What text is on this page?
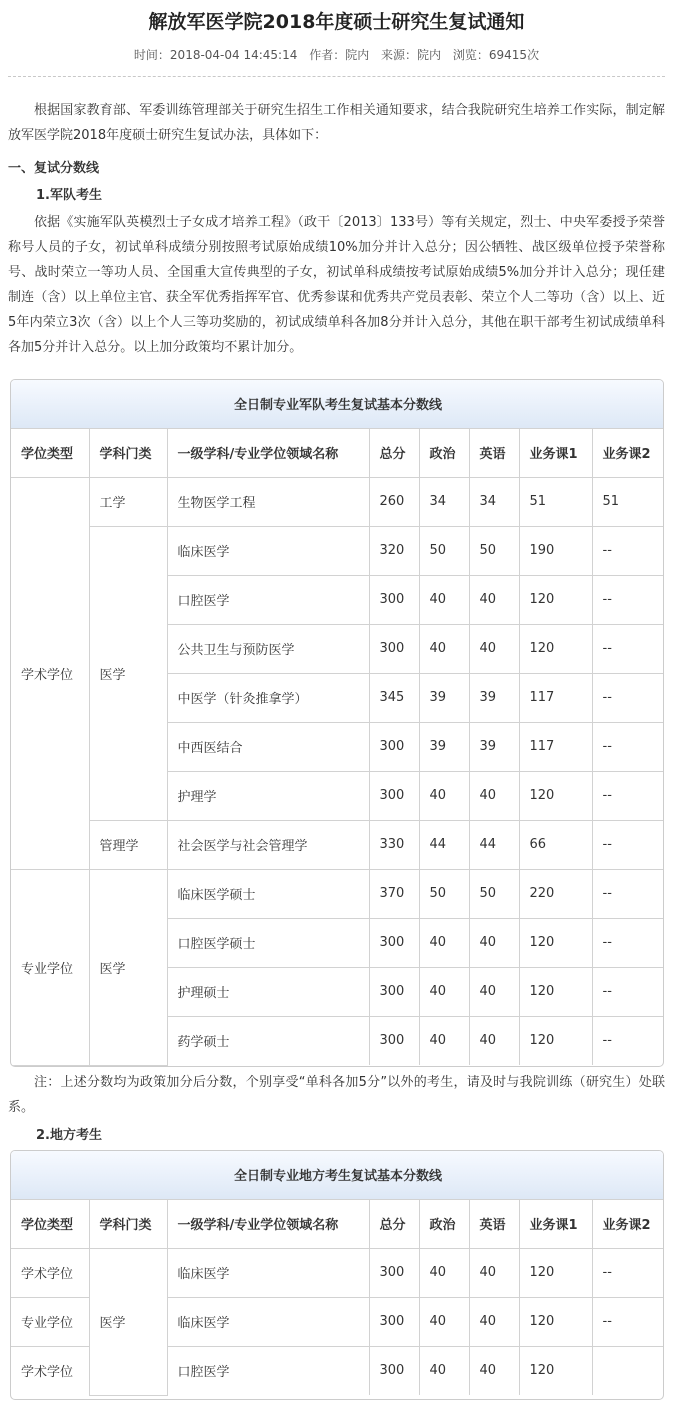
解放军医学院2018年度硕士研究生复试通知
时间：2018-04-04 14:45:14 作者：院内 来源：院内 浏览：69415次
根据国家教育部、军委训练管理部关于研究生招生工作相关通知要求，结合我院研究生培养工作实际，制定解放军医学院2018年度硕士研究生复试办法，具体如下：
一、复试分数线
1.军队考生
依据《实施军队英模烈士子女成才培养工程》（政干〔2013〕133号）等有关规定，烈士、中央军委授予荣誉称号人员的子女，初试单科成绩分别按照考试原始成绩10%加分并计入总分；因公牺牲、战区级单位授予荣誉称号、战时荣立一等功人员、全国重大宣传典型的子女，初试单科成绩按考试原始成绩5%加分并计入总分；现任建制连（含）以上单位主官、获全军优秀指挥军官、优秀参谋和优秀共产党员表彰、荣立个人二等功（含）以上、近5年内荣立3次（含）以上个人三等功奖励的，初试成绩单科各加8分并计入总分，其他在职干部考生初试成绩单科各加5分并计入总分。以上加分政策均不累计加分。
全日制专业军队考生复试基本分数线							
学位类型	学科门类	一级学科/专业学位领域名称	总分	政治	英语	业务课1	业务课2
学术学位	工学	生物医学工程	260	34	34	51	51
	医学	临床医学	320	50	50	190	--
		口腔医学	300	40	40	120	--
		公共卫生与预防医学	300	40	40	120	--
		中医学（针灸推拿学）	345	39	39	117	--
		中西医结合	300	39	39	117	--
		护理学	300	40	40	120	--
	管理学	社会医学与社会管理学	330	44	44	66	--
专业学位	医学	临床医学硕士	370	50	50	220	--
		口腔医学硕士	300	40	40	120	--
		护理硕士	300	40	40	120	--
		药学硕士	300	40	40	120	--
注：上述分数均为政策加分后分数，个别享受“单科各加5分”以外的考生，请及时与我院训练（研究生）处联系。
2.地方考生
全日制专业地方考生复试基本分数线							
学位类型	学科门类	一级学科/专业学位领域名称	总分	政治	英语	业务课1	业务课2
学术学位	医学	临床医学	300	40	40	120	--
专业学位		临床医学	300	40	40	120	--
学术学位		口腔医学	300	40	40	120	
